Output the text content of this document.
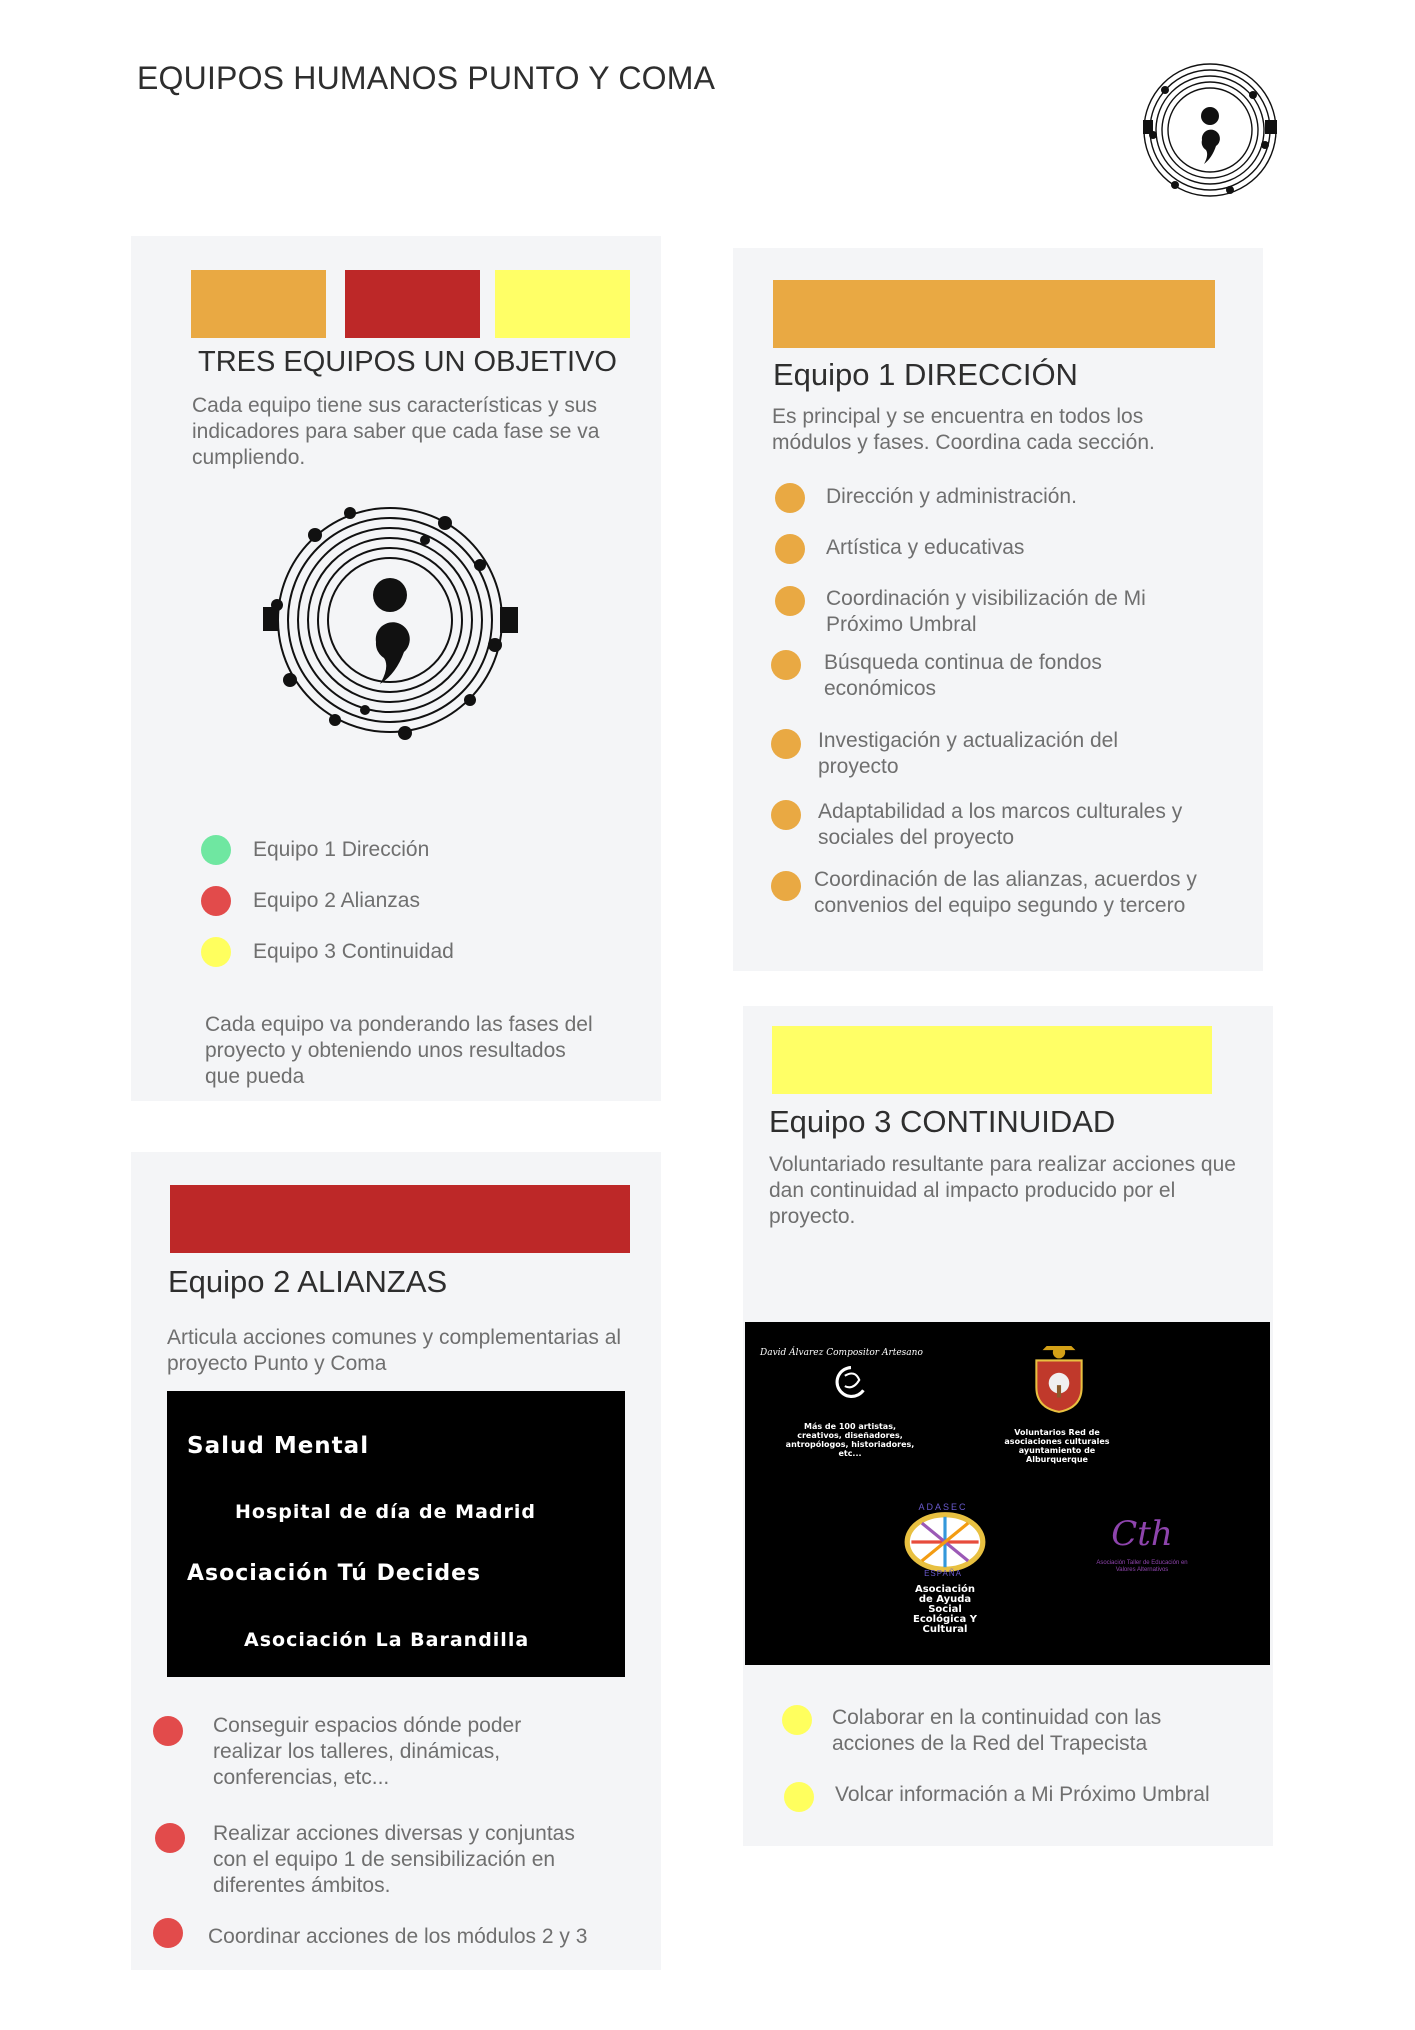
EQUIPOS HUMANOS PUNTO Y COMA
TRES EQUIPOS UN OBJETIVO
Cada equipo tiene sus características y sus indicadores para saber que cada fase se va cumpliendo.
Equipo 1 Dirección
Equipo 2 Alianzas
Equipo 3 Continuidad
Cada equipo va ponderando las fases del proyecto y obteniendo unos resultados que pueda
Equipo 1 DIRECCIÓN
Es principal y se encuentra en todos los módulos y fases. Coordina cada sección.
Dirección y administración.
Artística y educativas
Coordinación y visibilización de Mi Próximo Umbral
Búsqueda continua de fondos económicos
Investigación y actualización del proyecto
Adaptabilidad a los marcos culturales y sociales del proyecto
Coordinación de las alianzas, acuerdos y convenios del equipo segundo y tercero
Equipo 3 CONTINUIDAD
Voluntariado resultante para realizar acciones que dan continuidad al impacto producido por el proyecto.
David Álvarez Compositor Artesano
Más de 100 artistas, creativos, diseñadores, antropólogos, historiadores, etc...
Voluntarios Red de asociaciones culturales ayuntamiento de Alburquerque
ADASEC
ESPAÑA
Asociación de Ayuda Social Ecológica Y Cultural
Cth
Asociación Taller de Educación en Valores Alternativos
Colaborar en la continuidad con las acciones de la Red del Trapecista
Volcar información a Mi Próximo Umbral
Equipo 2 ALIANZAS
Articula acciones comunes y complementarias al proyecto Punto y Coma
Salud Mental
Hospital de día de Madrid
Asociación Tú Decides
Asociación La Barandilla
Conseguir espacios dónde poder realizar los talleres, dinámicas, conferencias, etc...
Realizar acciones diversas y conjuntas con el equipo 1 de sensibilización en diferentes ámbitos.
Coordinar acciones de los módulos 2 y 3
